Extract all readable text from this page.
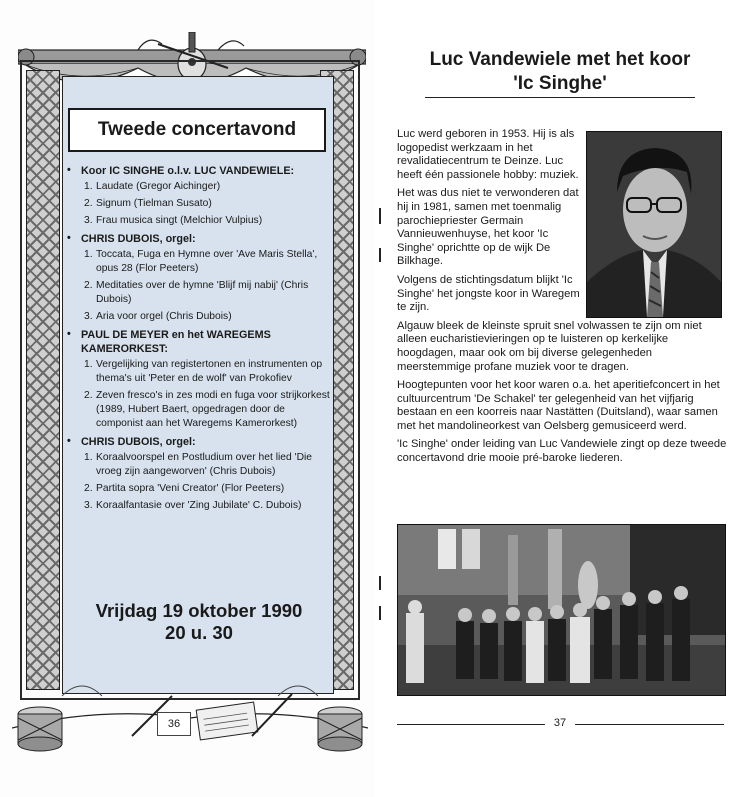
Tweede concertavond
• Koor IC SINGHE o.l.v. LUC VANDEWIELE:
1. Laudate (Gregor Aichinger)
2. Signum (Tielman Susato)
3. Frau musica singt (Melchior Vulpius)
• CHRIS DUBOIS, orgel:
1. Toccata, Fuga en Hymne over 'Ave Maris Stella', opus 28 (Flor Peeters)
2. Meditaties over de hymne 'Blijf mij nabij' (Chris Dubois)
3. Aria voor orgel (Chris Dubois)
• PAUL DE MEYER en het WAREGEMS KAMERORKEST:
1. Vergelijking van registertonen en instrumenten op thema's uit 'Peter en de wolf' van Prokofiev
2. Zeven fresco's in zes modi en fuga voor strijkorkest (1989, Hubert Baert, opgedragen door de componist aan het Waregems Kamerorkest)
• CHRIS DUBOIS, orgel:
1. Koraalvoorspel en Postludium over het lied 'Die vroeg zijn aangeworven' (Chris Dubois)
2. Partita sopra 'Veni Creator' (Flor Peeters)
3. Koraalfantasie over 'Zing Jubilate' C. Dubois)
Vrijdag 19 oktober 1990
20 u. 30
36
Luc Vandewiele met het koor
'Ic Singhe'

Luc werd geboren in 1953. Hij is als logopedist werkzaam in het revalidatiecentrum te Deinze. Luc heeft één passionele hobby: muziek.

Het was dus niet te verwonderen dat hij in 1981, samen met toenmalig parochiepriester Germain Vannieuwenhuyse, het koor 'Ic Singhe' oprichtte op de wijk De Bilkhage.

Volgens de stichtingsdatum blijkt 'Ic Singhe' het jongste koor in Waregem te zijn.

Algauw bleek de kleinste spruit snel volwassen te zijn om niet alleen eucharistievieringen op te luisteren op kerkelijke hoogdagen, maar ook om bij diverse gelegenheden meerstemmige profane muziek voor te dragen.

Hoogtepunten voor het koor waren o.a. het aperitiefconcert in het cultuurcentrum 'De Schakel' ter gelegenheid van het vijfjarig bestaan en een koorreis naar Nastätten (Duitsland), waar samen met het mandolineorkest van Oelsberg gemusiceerd werd.

'Ic Singhe' onder leiding van Luc Vandewiele zingt op deze tweede concertavond drie mooie pré-baroke liederen.

37
